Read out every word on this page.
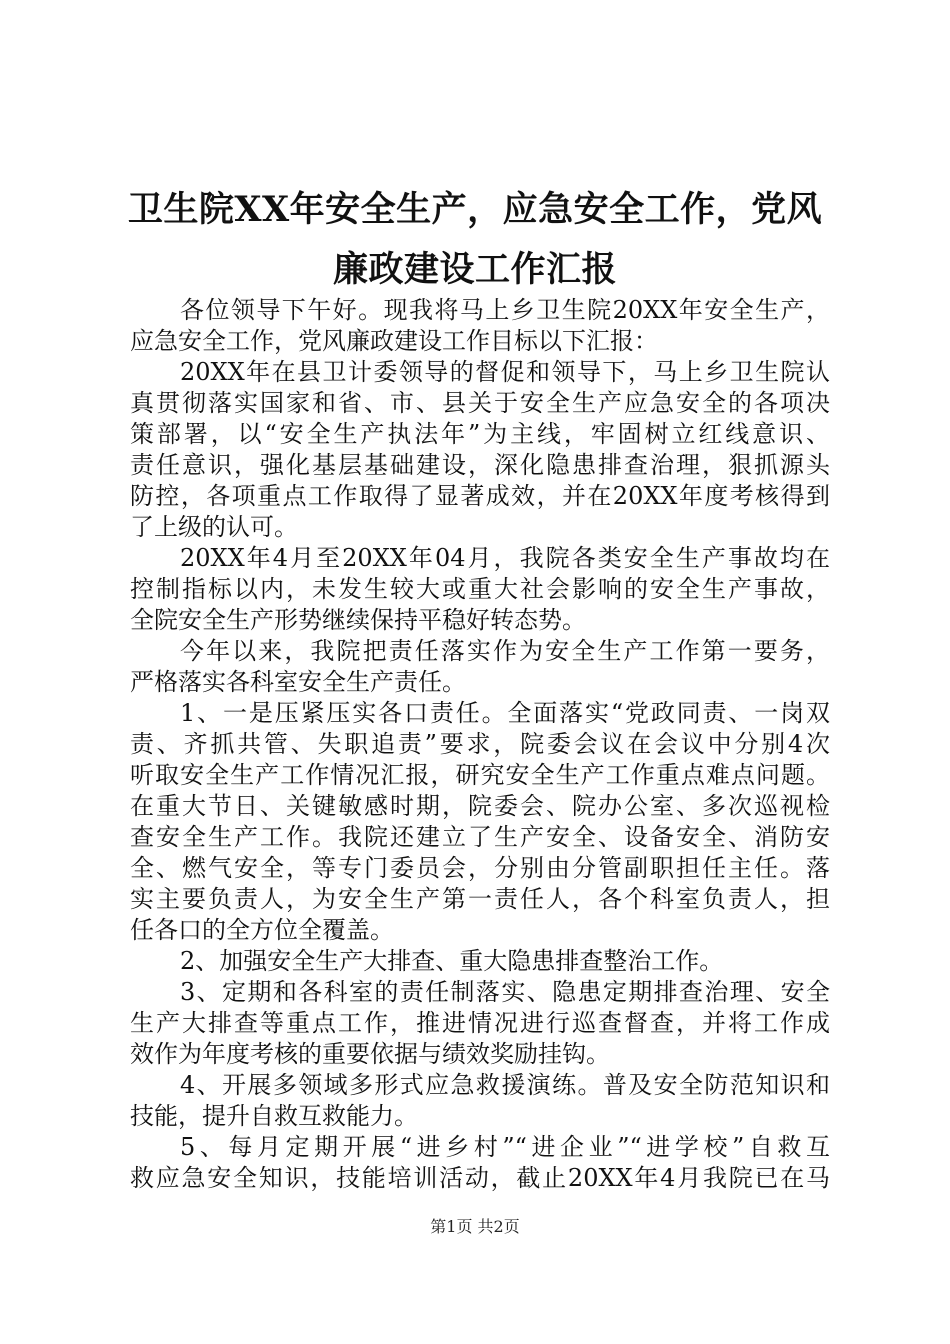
卫生院XX年安全生产，应急安全工作，党风
廉政建设工作汇报
各位领导下午好。现我将马上乡卫生院20XX年安全生产，
应急安全工作，党风廉政建设工作目标以下汇报：
20XX年在县卫计委领导的督促和领导下，马上乡卫生院认
真贯彻落实国家和省、市、县关于安全生产应急安全的各项决
策部署，以“安全生产执法年”为主线，牢固树立红线意识、
责任意识，强化基层基础建设，深化隐患排查治理，狠抓源头
防控，各项重点工作取得了显著成效，并在20XX年度考核得到
了上级的认可。
20XX年4月至20XX年04月，我院各类安全生产事故均在
控制指标以内，未发生较大或重大社会影响的安全生产事故，
全院安全生产形势继续保持平稳好转态势。
今年以来，我院把责任落实作为安全生产工作第一要务，
严格落实各科室安全生产责任。
1、一是压紧压实各口责任。全面落实“党政同责、一岗双
责、齐抓共管、失职追责”要求，院委会议在会议中分别4次
听取安全生产工作情况汇报，研究安全生产工作重点难点问题。
在重大节日、关键敏感时期，院委会、院办公室、多次巡视检
查安全生产工作。我院还建立了生产安全、设备安全、消防安
全、燃气安全，等专门委员会，分别由分管副职担任主任。落
实主要负责人，为安全生产第一责任人，各个科室负责人，担
任各口的全方位全覆盖。
2、加强安全生产大排查、重大隐患排查整治工作。
3、定期和各科室的责任制落实、隐患定期排查治理、安全
生产大排查等重点工作，推进情况进行巡查督查，并将工作成
效作为年度考核的重要依据与绩效奖励挂钩。
4、开展多领域多形式应急救援演练。普及安全防范知识和
技能，提升自救互救能力。
5、每月定期开展“进乡村”“进企业”“进学校”自救互
救应急安全知识，技能培训活动，截止20XX年4月我院已在马
第1页 共2页
